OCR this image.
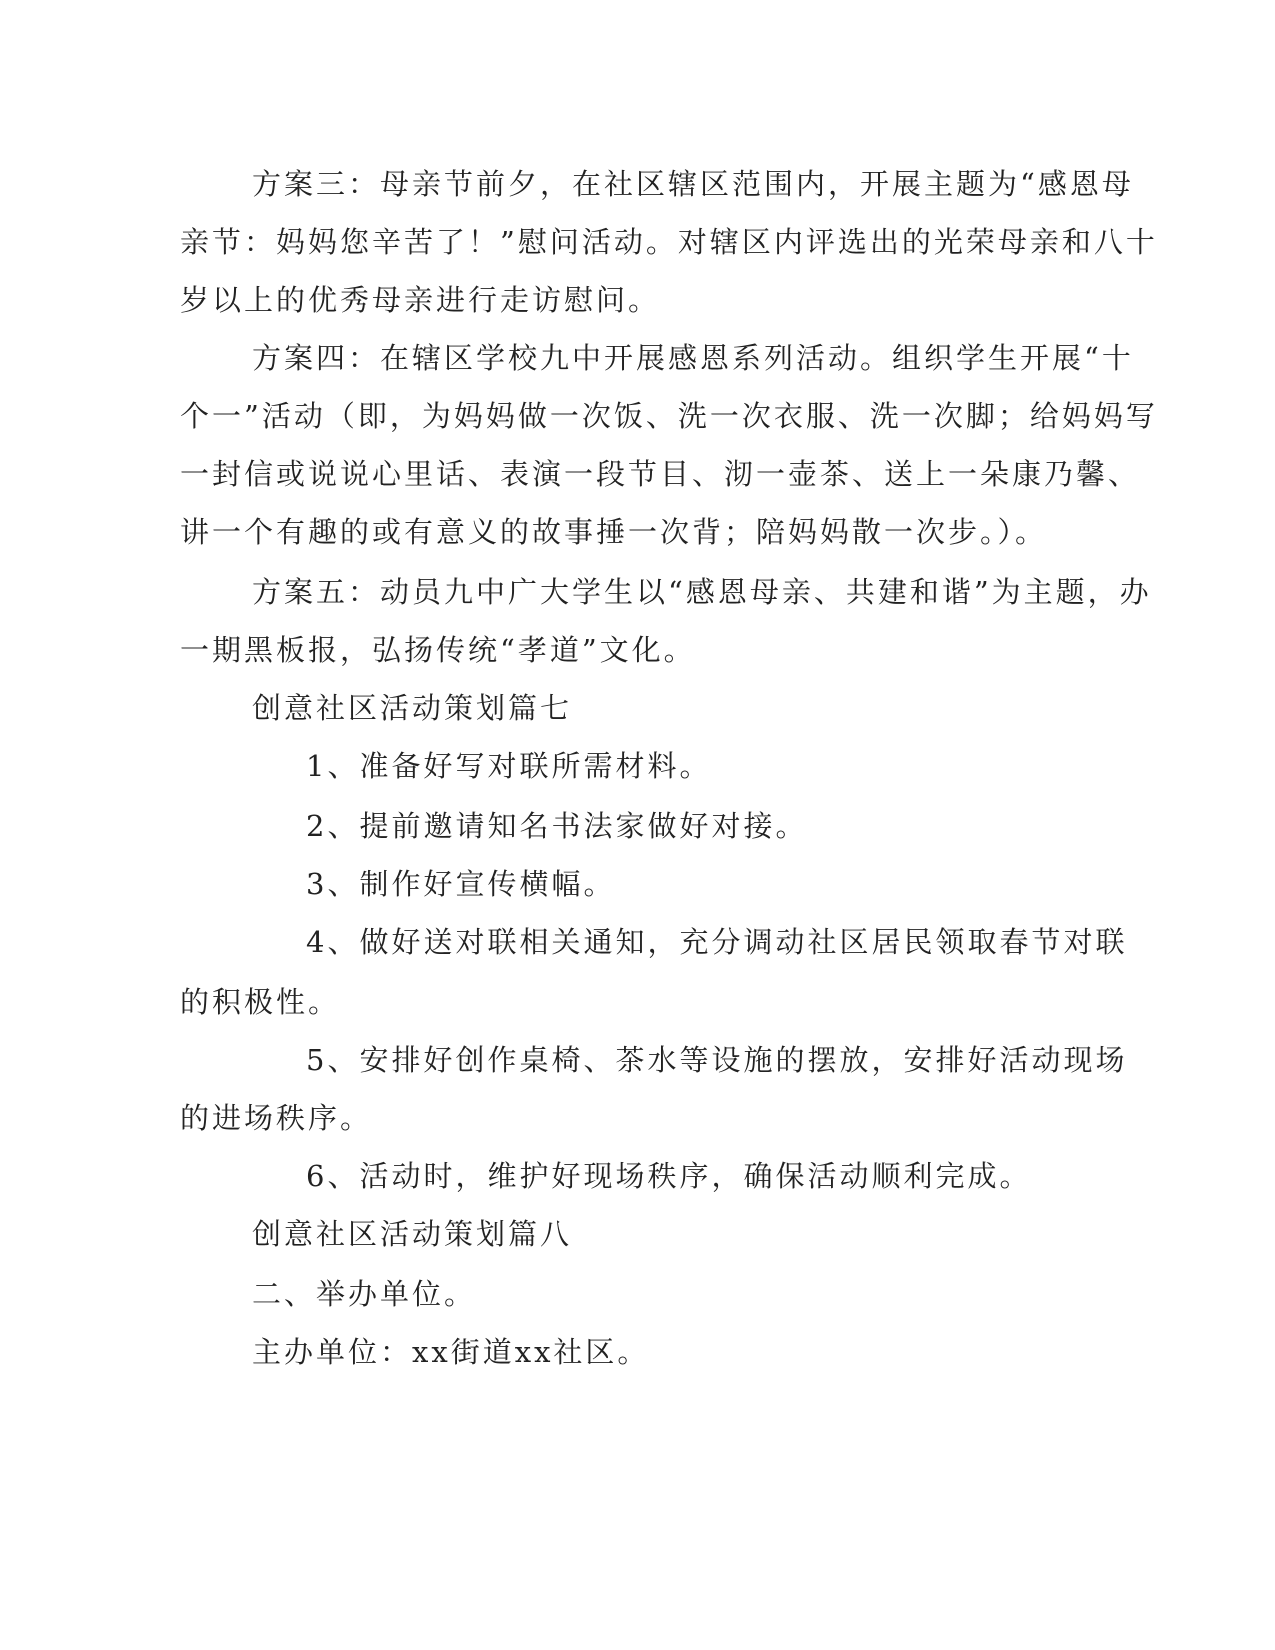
方案三：母亲节前夕，在社区辖区范围内，开展主题为“感恩母

亲节：妈妈您辛苦了！”慰问活动。对辖区内评选出的光荣母亲和八十

岁以上的优秀母亲进行走访慰问。

方案四：在辖区学校九中开展感恩系列活动。组织学生开展“十

个一”活动（即，为妈妈做一次饭、洗一次衣服、洗一次脚；给妈妈写

一封信或说说心里话、表演一段节目、沏一壶茶、送上一朵康乃馨、

讲一个有趣的或有意义的故事捶一次背；陪妈妈散一次步。）。

方案五：动员九中广大学生以“感恩母亲、共建和谐”为主题，办

一期黑板报，弘扬传统“孝道”文化。

创意社区活动策划篇七

1、准备好写对联所需材料。

2、提前邀请知名书法家做好对接。

3、制作好宣传横幅。

4、做好送对联相关通知，充分调动社区居民领取春节对联

的积极性。

5、安排好创作桌椅、茶水等设施的摆放，安排好活动现场

的进场秩序。

6、活动时，维护好现场秩序，确保活动顺利完成。

创意社区活动策划篇八

二、举办单位。

主办单位：xx街道xx社区。
